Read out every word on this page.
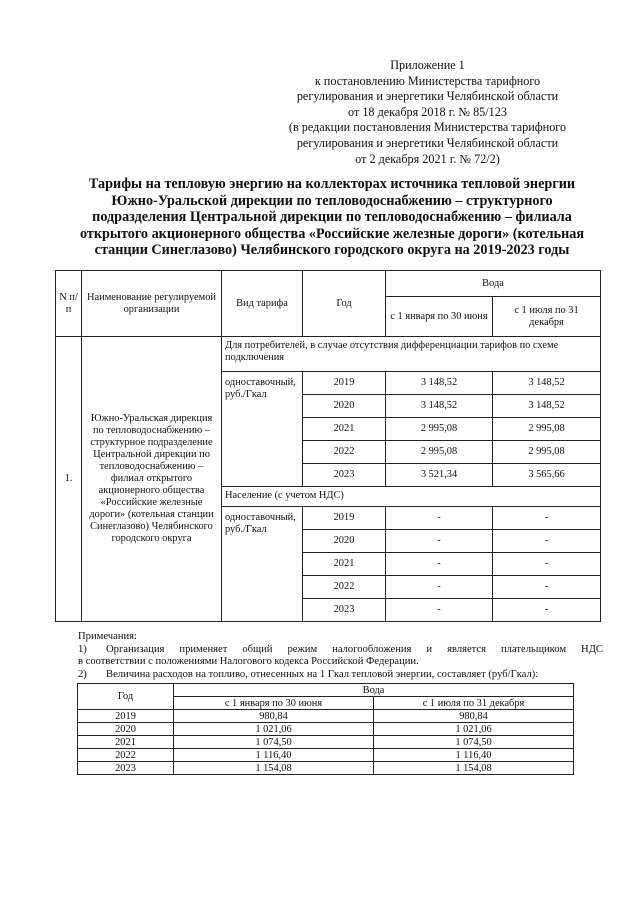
Приложение 1
к постановлению Министерства тарифного
регулирования и энергетики Челябинской области
от 18 декабря 2018 г. № 85/123
(в редакции постановления Министерства тарифного
регулирования и энергетики Челябинской области
от 2 декабря 2021 г. № 72/2)
Тарифы на тепловую энергию на коллекторах источника тепловой энергии
Южно-Уральской дирекции по тепловодоснабжению – структурного
подразделения Центральной дирекции по тепловодоснабжению – филиала
открытого акционерного общества «Российские железные дороги» (котельная
станции Синеглазово) Челябинского городского округа на 2019-2023 годы
N п/п	Наименование регулируемой организации	Вид тарифа	Год	Вода	
				с 1 января по 30 июня	с 1 июля по 31 декабря
1.	Южно-Уральская дирекция по тепловодоснабжению – структурное подразделение Центральной дирекции по тепловодоснабжению – филиал открытого акционерного общества «Российские железные дороги» (котельная станции Синеглазово) Челябинского городского округа	Для потребителей, в случае отсутствия дифференциации тарифов по схеме подключения			
		одноставочный, руб./Гкал	2019	3 148,52	3 148,52
			2020	3 148,52	3 148,52
			2021	2 995,08	2 995,08
			2022	2 995,08	2 995,08
			2023	3 521,34	3 565,66
		Население (с учетом НДС)			
		одноставочный, руб./Гкал	2019	-	-
			2020	-	-
			2021	-	-
			2022	-	-
			2023	-	-
Примечания:
1)	Организация применяет общий режим налогообложения и является плательщиком НДС
в соответствии с положениями Налогового кодекса Российской Федерации.
2)	Величина расходов на топливо, отнесенных на 1 Гкал тепловой энергии, составляет (руб/Гкал):
Год	Вода	
	с 1 января по 30 июня	с 1 июля по 31 декабря
2019	980,84	980,84
2020	1 021,06	1 021,06
2021	1 074,50	1 074,50
2022	1 116,40	1 116,40
2023	1 154,08	1 154,08
